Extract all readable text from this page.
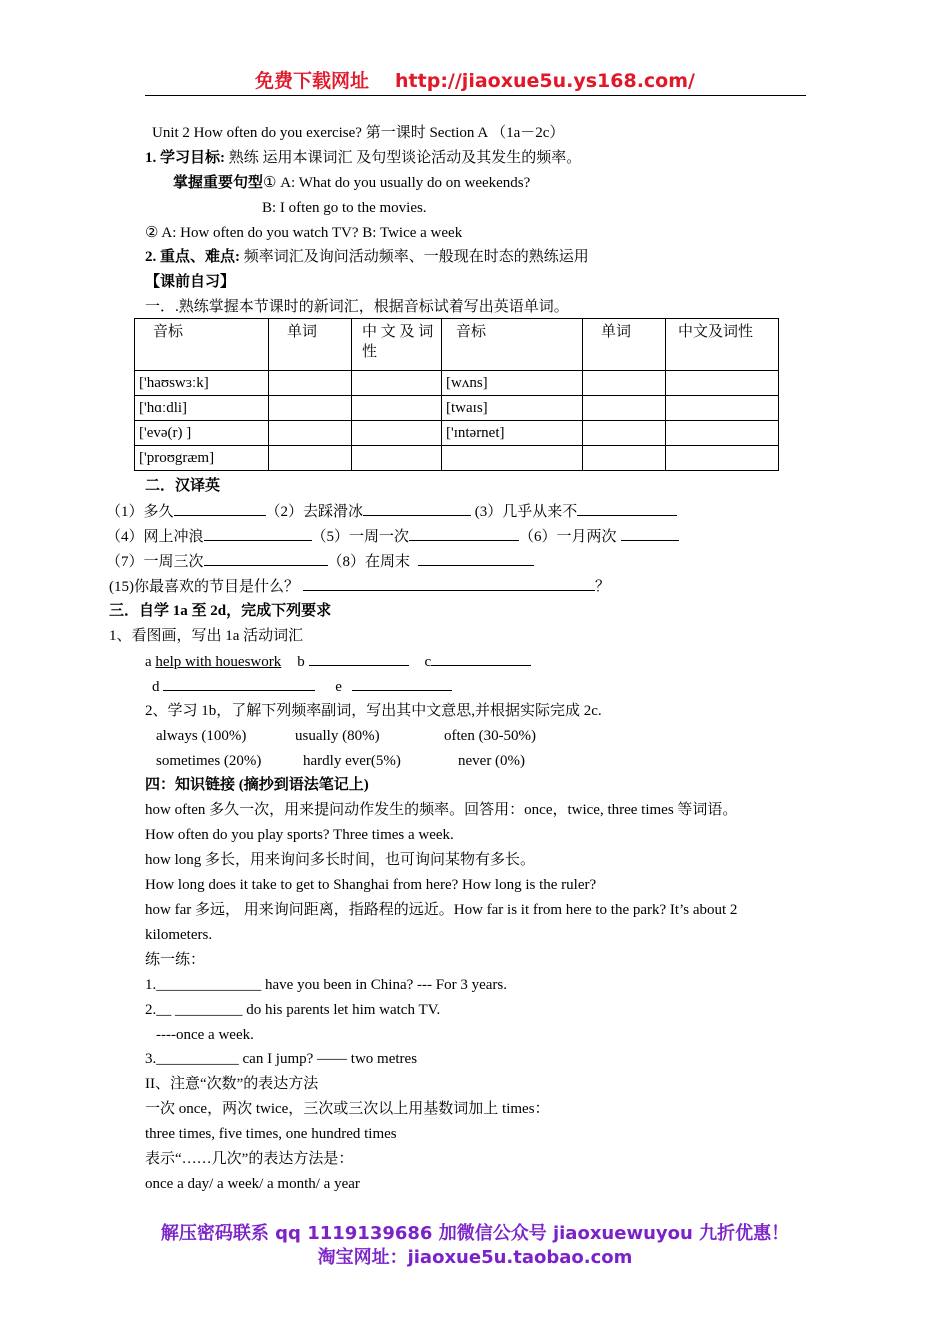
免费下载网址 http://jiaoxue5u.ys168.com/
Unit 2 How often do you exercise? 第一课时 Section A （1a－2c）
1. 学习目标: 熟练 运用本课词汇 及句型谈论活动及其发生的频率。
掌握重要句型① A: What do you usually do on weekends?
B: I often go to the movies.
② A: How often do you watch TV? B: Twice a week
2. 重点、难点: 频率词汇及询问活动频率、一般现在时态的熟练运用
【课前自习】
一．.熟练掌握本节课时的新词汇，根据音标试着写出英语单词。
音标	单词	中 文 及 词性	音标	单词	中文及词性
['haʊswɜːk]			[wʌns]		
['hɑːdli]			[twaɪs]		
['evə(r) ]			['ɪntərnet]		
['proʊgræm]					
二．汉译英
（1）多久	（2）去踩滑冰	(3）几乎从来不
（4）网上冲浪	（5）一周一次	（6）一月两次
（7）一周三次	（8）在周末
(15)你最喜欢的节目是什么？	？
三．自学 1a 至 2d，完成下列要求
1、看图画，写出 1a 活动词汇
a help with houeswork b	c
d	e
2、学习 1b，了解下列频率副词，写出其中文意思,并根据实际完成 2c.
always (100%)	usually (80%)	often (30-50%)
sometimes (20%)	hardly ever(5%)	never (0%)
四：知识链接 (摘抄到语法笔记上)
how often 多久一次，用来提问动作发生的频率。回答用：once，twice, three times 等词语。
How often do you play sports? Three times a week.
how long 多长，用来询问多长时间，也可询问某物有多长。
How long does it take to get to Shanghai from here? How long is the ruler?
how far 多远， 用来询问距离，指路程的远近。How far is it from here to the park? It’s about 2
kilometers.
练一练：
1.______________ have you been in China? --- For 3 years.
2.__ _________ do his parents let him watch TV.
----once a week.
3.___________ can I jump? —— two metres
II、注意“次数”的表达方法
一次 once，两次 twice，三次或三次以上用基数词加上 times：
three times, five times, one hundred times
表示“……几次”的表达方法是：
once a day/ a week/ a month/ a year
解压密码联系 qq 1119139686 加微信公众号 jiaoxuewuyou 九折优惠！
淘宝网址：jiaoxue5u.taobao.com
